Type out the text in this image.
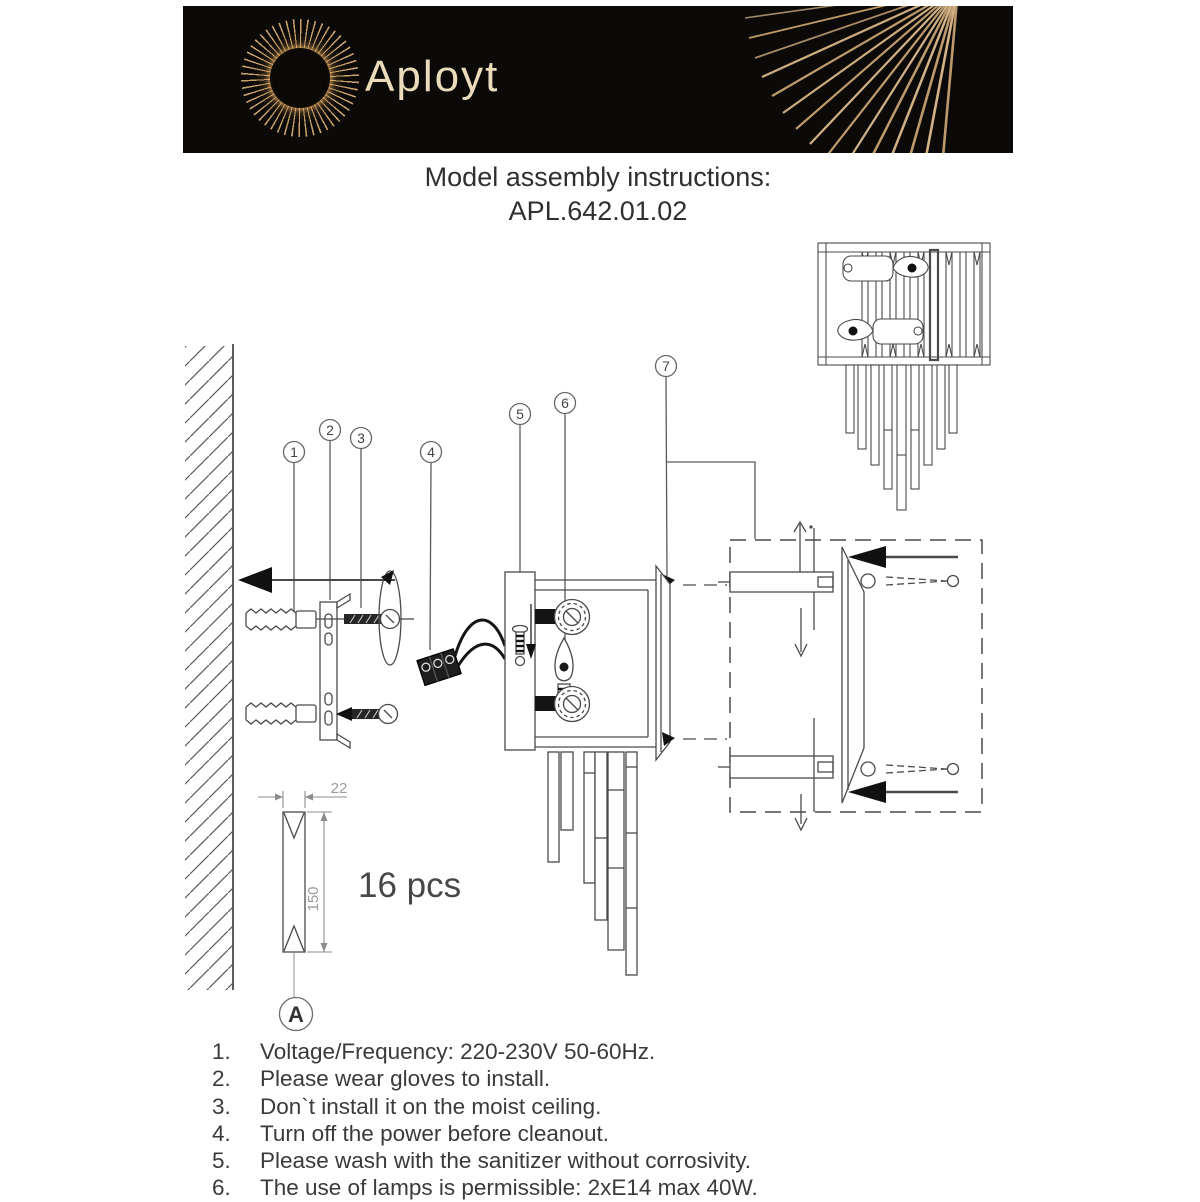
Aployt
Model assembly instructions:
APL.642.01.02
A
22
150 16 pcs
1
2 3
4
5
6
7
1.	Voltage/Frequency: 220-230V 50-60Hz.
2.	Please wear gloves to install.
3.	Don`t install it on the moist ceiling.
4.	Turn off the power before cleanout.
5.	Please wash with the sanitizer without corrosivity.
6.	The use of lamps is permissible: 2xE14 max 40W.
